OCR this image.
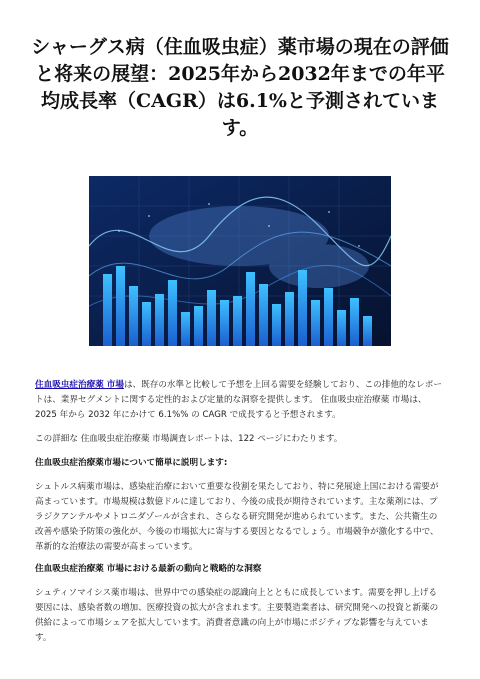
シャーグス病（住血吸虫症）薬市場の現在の評価と将来の展望：2025年から2032年までの年平均成長率（CAGR）は6.1%と予測されています。

住血吸虫症治療薬 市場は、既存の水準と比較して予想を上回る需要を経験しており、この排他的なレポートは、業界セグメントに関する定性的および定量的な洞察を提供します。 住血吸虫症治療薬 市場は、2025 年から 2032 年にかけて 6.1%% の CAGR で成長すると予想されます。

この詳細な 住血吸虫症治療薬 市場調査レポートは、122 ページにわたります。

住血吸虫症治療薬市場について簡単に説明します:

シュトルス病薬市場は、感染症治療において重要な役割を果たしており、特に発展途上国における需要が高まっています。市場規模は数億ドルに達しており、今後の成長が期待されています。主な薬剤には、プラジクアンテルやメトロニダゾールが含まれ、さらなる研究開発が進められています。また、公共衛生の改善や感染予防策の強化が、今後の市場拡大に寄与する要因となるでしょう。市場競争が激化する中で、革新的な治療法の需要が高まっています。

住血吸虫症治療薬 市場における最新の動向と戦略的な洞察

シュティソマイシス薬市場は、世界中での感染症の認識向上とともに成長しています。需要を押し上げる要因には、感染者数の増加、医療投資の拡大が含まれます。主要製造業者は、研究開発への投資と新薬の供給によって市場シェアを拡大しています。消費者意識の向上が市場にポジティブな影響を与えています。
